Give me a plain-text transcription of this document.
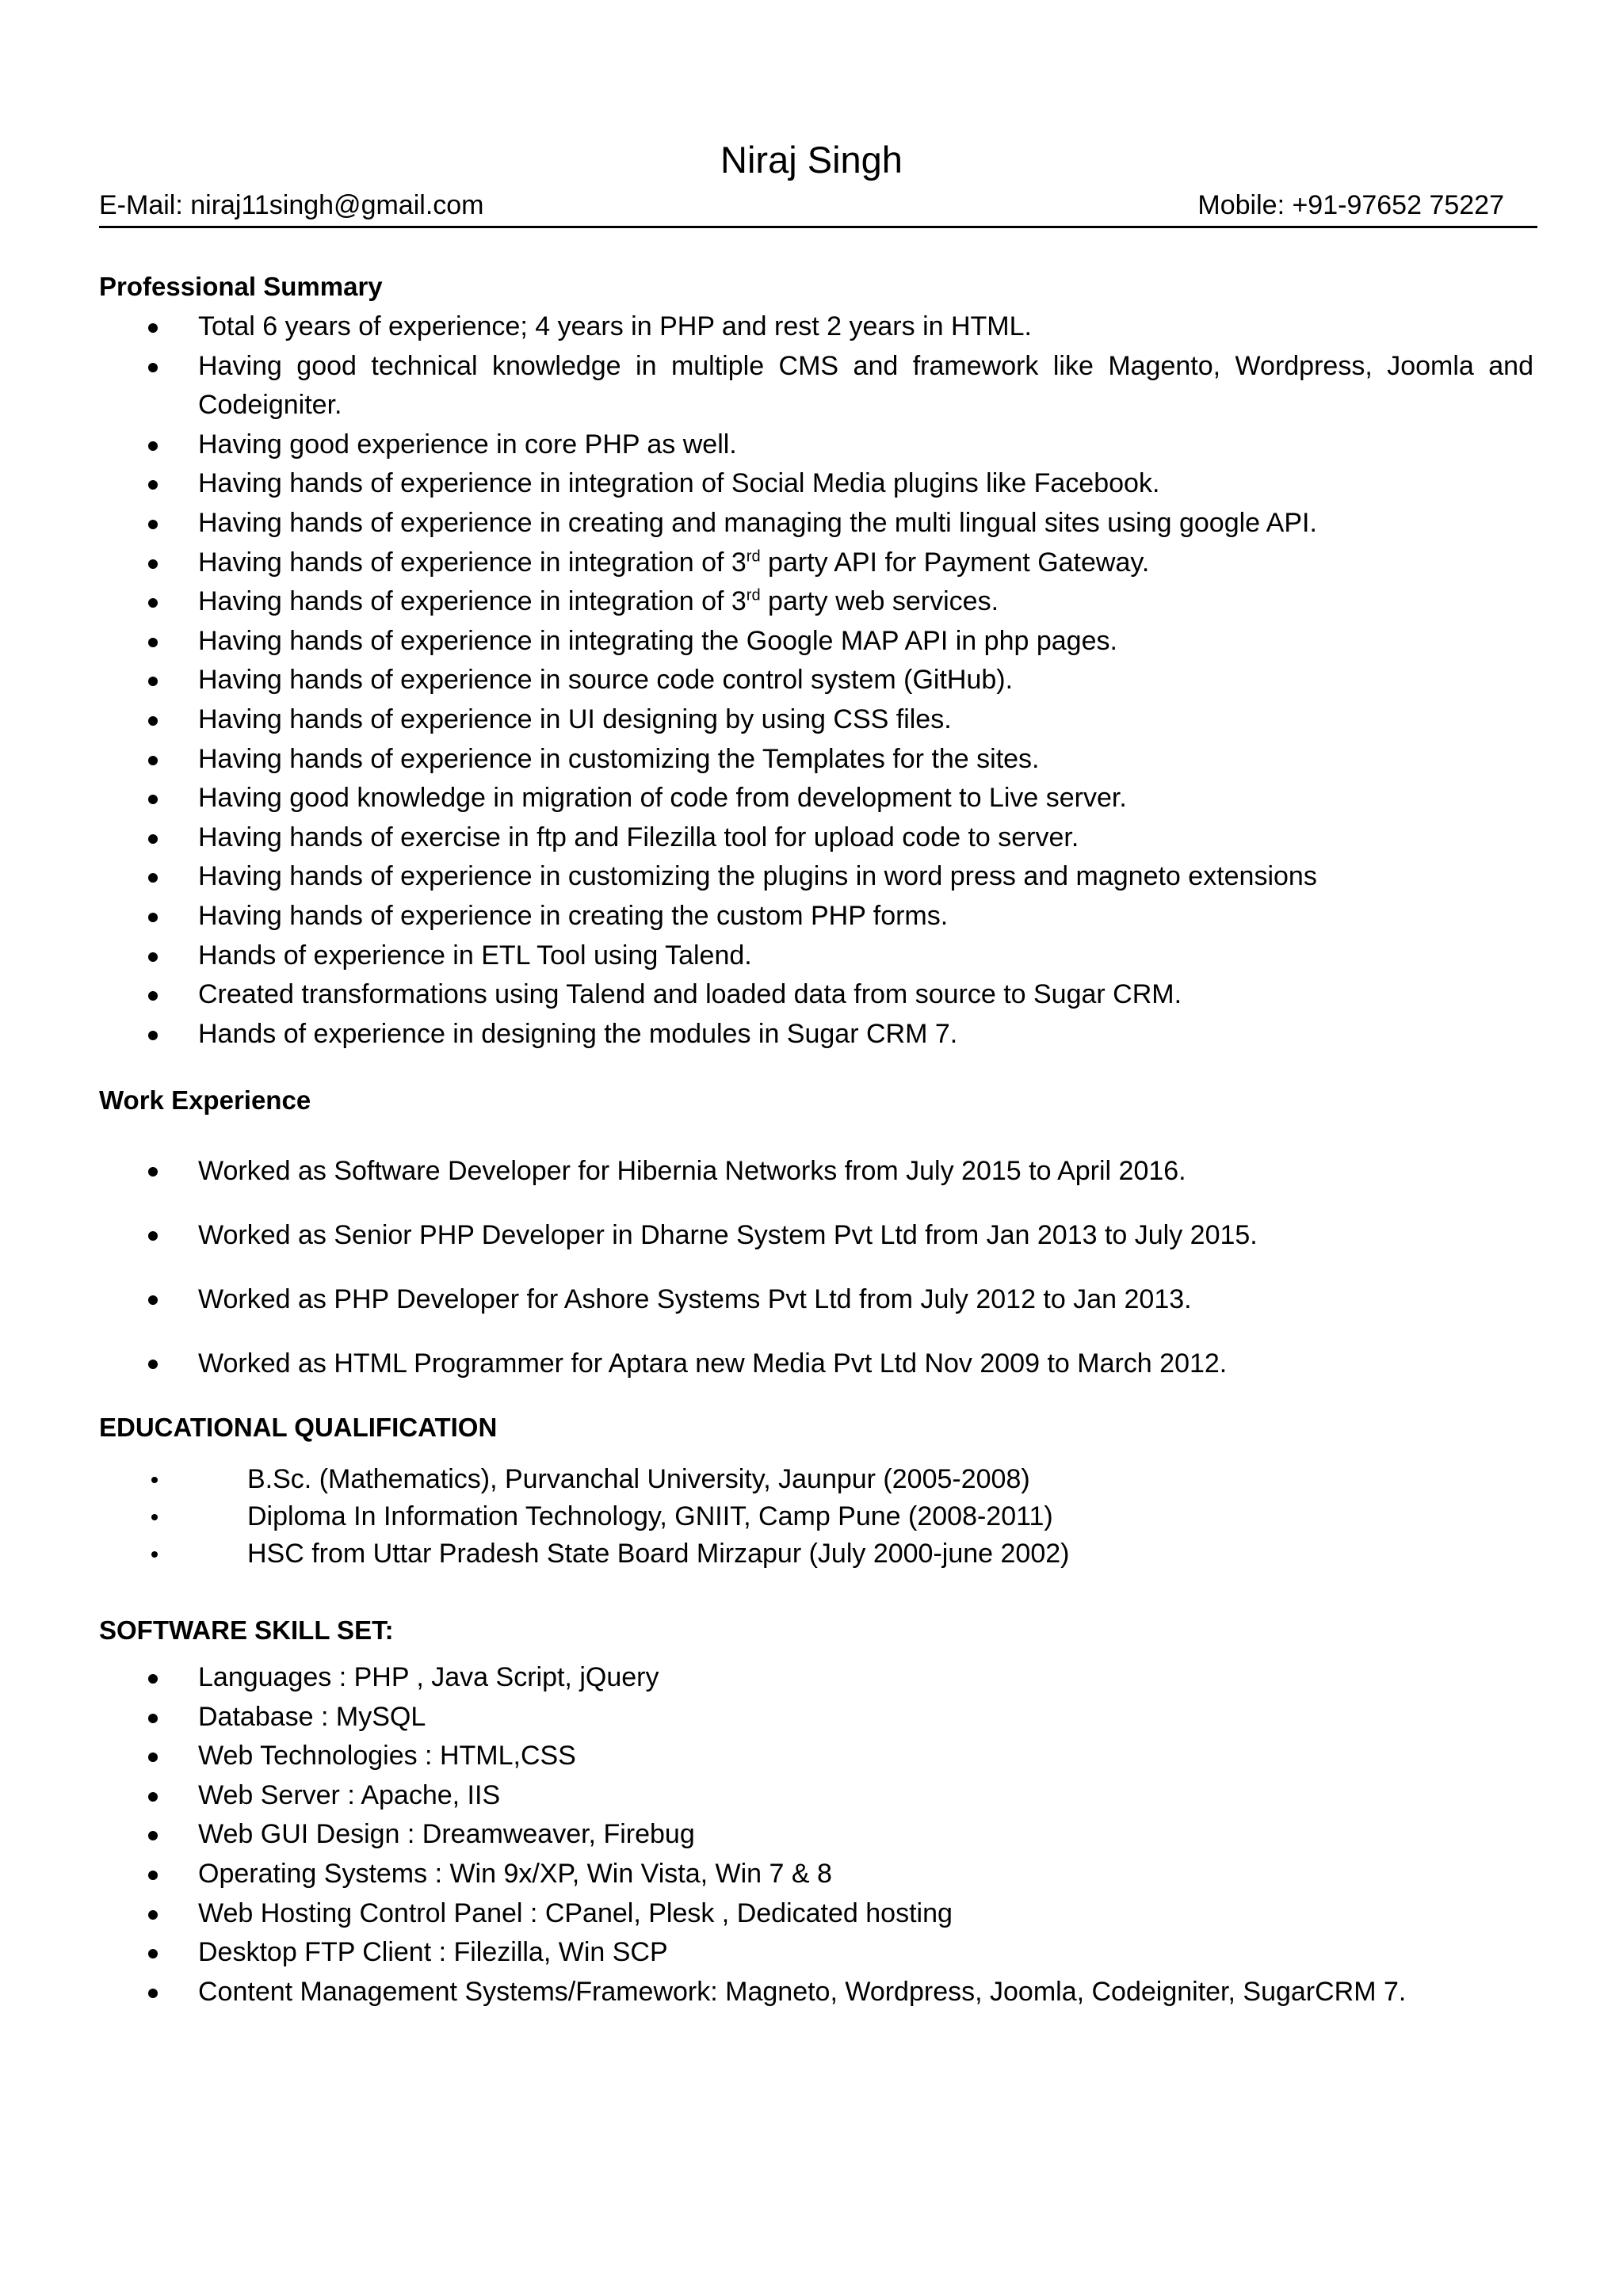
Niraj Singh
E-Mail: niraj11singh@gmail.com	Mobile: +91-97652 75227
Professional Summary
Total 6 years of experience; 4 years in PHP and rest 2 years in HTML.
Having good technical knowledge in multiple CMS and framework like Magento, Wordpress, Joomla and Codeigniter.
Having good experience in core PHP as well.
Having hands of experience in integration of Social Media plugins like Facebook.
Having hands of experience in creating and managing the multi lingual sites using google API.
Having hands of experience in integration of 3rd party API for Payment Gateway.
Having hands of experience in integration of 3rd party web services.
Having hands of experience in integrating the Google MAP API in php pages.
Having hands of experience in source code control system (GitHub).
Having hands of experience in UI designing by using CSS files.
Having hands of experience in customizing the Templates for the sites.
Having good knowledge in migration of code from development to Live server.
Having hands of exercise in ftp and Filezilla tool for upload code to server.
Having hands of experience in customizing the plugins in word press and magneto extensions
Having hands of experience in creating the custom PHP forms.
Hands of experience in ETL Tool using Talend.
Created transformations using Talend and loaded data from source to Sugar CRM.
Hands of experience in designing the modules in Sugar CRM 7.
Work Experience
Worked as Software Developer for Hibernia Networks from July 2015 to April 2016.
Worked as Senior PHP Developer in Dharne System Pvt Ltd from Jan 2013 to July 2015.
Worked as PHP Developer for Ashore Systems Pvt Ltd from July 2012 to Jan 2013.
Worked as HTML Programmer for Aptara new Media Pvt Ltd Nov 2009 to March 2012.
EDUCATIONAL QUALIFICATION
B.Sc. (Mathematics), Purvanchal University, Jaunpur (2005-2008)
Diploma In Information Technology, GNIIT, Camp Pune (2008-2011)
HSC from Uttar Pradesh State Board Mirzapur (July 2000-june 2002)
SOFTWARE SKILL SET:
Languages : PHP , Java Script, jQuery
Database : MySQL
Web Technologies : HTML,CSS
Web Server : Apache, IIS
Web GUI Design : Dreamweaver, Firebug
Operating Systems : Win 9x/XP, Win Vista, Win 7 & 8
Web Hosting Control Panel : CPanel, Plesk , Dedicated hosting
Desktop FTP Client : Filezilla, Win SCP
Content Management Systems/Framework: Magneto, Wordpress, Joomla, Codeigniter, SugarCRM 7.
